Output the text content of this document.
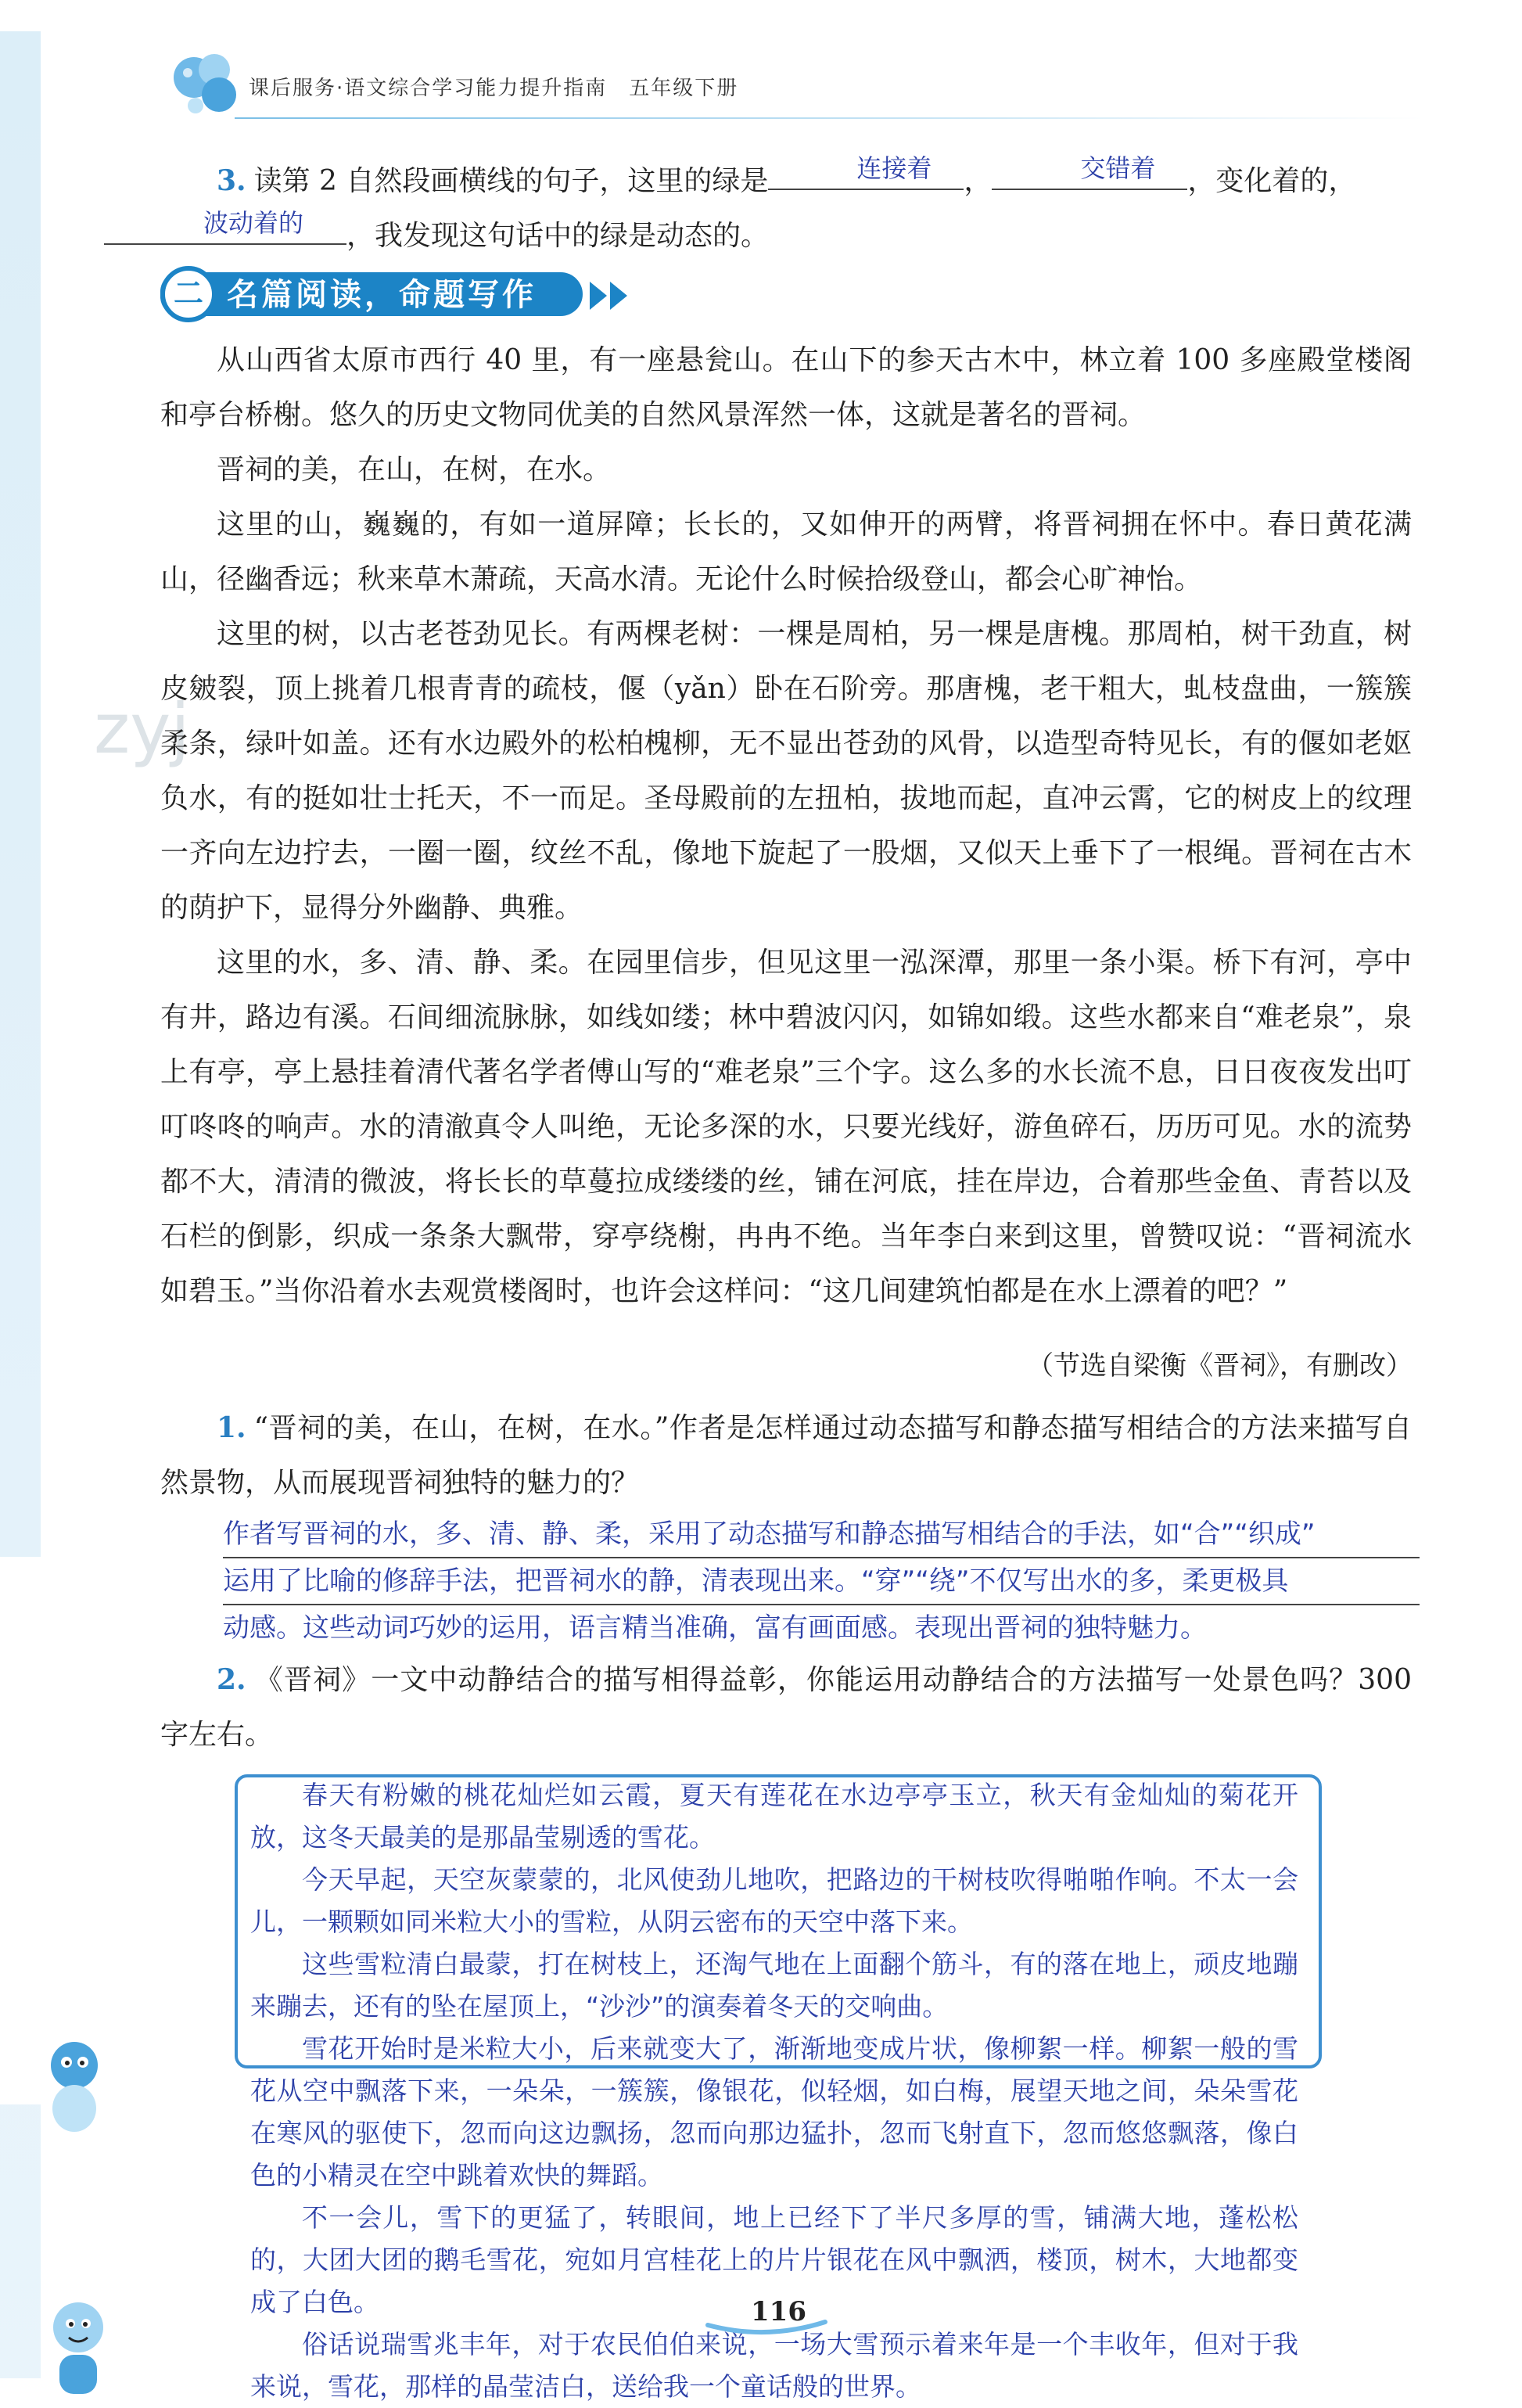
zyj
课后服务·语文综合学习能力提升指南　五年级下册

3. 读第 2 自然段画横线的句子，这里的绿是	连接着	，	交错着	，变化着的，

波动着的	，我发现这句话中的绿是动态的。

二 名篇阅读，命题写作

从山西省太原市西行 40 里，有一座悬瓮山。在山下的参天古木中，林立着 100 多座殿堂楼阁和亭台桥榭。悠久的历史文物同优美的自然风景浑然一体，这就是著名的晋祠。

晋祠的美，在山，在树，在水。

这里的山，巍巍的，有如一道屏障；长长的，又如伸开的两臂，将晋祠拥在怀中。春日黄花满山，径幽香远；秋来草木萧疏，天高水清。无论什么时候拾级登山，都会心旷神怡。

这里的树，以古老苍劲见长。有两棵老树：一棵是周柏，另一棵是唐槐。那周柏，树干劲直，树皮皴裂，顶上挑着几根青青的疏枝，偃（yǎn）卧在石阶旁。那唐槐，老干粗大，虬枝盘曲，一簇簇柔条，绿叶如盖。还有水边殿外的松柏槐柳，无不显出苍劲的风骨，以造型奇特见长，有的偃如老妪负水，有的挺如壮士托天，不一而足。圣母殿前的左扭柏，拔地而起，直冲云霄，它的树皮上的纹理一齐向左边拧去，一圈一圈，纹丝不乱，像地下旋起了一股烟，又似天上垂下了一根绳。晋祠在古木的荫护下，显得分外幽静、典雅。

这里的水，多、清、静、柔。在园里信步，但见这里一泓深潭，那里一条小渠。桥下有河，亭中有井，路边有溪。石间细流脉脉，如线如缕；林中碧波闪闪，如锦如缎。这些水都来自“难老泉”，泉上有亭，亭上悬挂着清代著名学者傅山写的“难老泉”三个字。这么多的水长流不息，日日夜夜发出叮叮咚咚的响声。水的清澈真令人叫绝，无论多深的水，只要光线好，游鱼碎石，历历可见。水的流势都不大，清清的微波，将长长的草蔓拉成缕缕的丝，铺在河底，挂在岸边，合着那些金鱼、青苔以及石栏的倒影，织成一条条大飘带，穿亭绕榭，冉冉不绝。当年李白来到这里，曾赞叹说：“晋祠流水如碧玉。”当你沿着水去观赏楼阁时，也许会这样问：“这几间建筑怕都是在水上漂着的吧？”

（节选自梁衡《晋祠》，有删改）

1. “晋祠的美，在山，在树，在水。”作者是怎样通过动态描写和静态描写相结合的方法来描写自然景物，从而展现晋祠独特的魅力的？

作者写晋祠的水，多、清、静、柔，采用了动态描写和静态描写相结合的手法，如“合”“织成”

运用了比喻的修辞手法，把晋祠水的静，清表现出来。“穿”“绕”不仅写出水的多，柔更极具

动感。这些动词巧妙的运用，语言精当准确，富有画面感。表现出晋祠的独特魅力。

2. 《晋祠》一文中动静结合的描写相得益彰，你能运用动静结合的方法描写一处景色吗？300 字左右。

春天有粉嫩的桃花灿烂如云霞，夏天有莲花在水边亭亭玉立，秋天有金灿灿的菊花开放，这冬天最美的是那晶莹剔透的雪花。

今天早起，天空灰蒙蒙的，北风使劲儿地吹，把路边的干树枝吹得啪啪作响。不太一会儿，一颗颗如同米粒大小的雪粒，从阴云密布的天空中落下来。

这些雪粒清白最蒙，打在树枝上，还淘气地在上面翻个筋斗，有的落在地上，顽皮地蹦来蹦去，还有的坠在屋顶上，“沙沙”的演奏着冬天的交响曲。

雪花开始时是米粒大小，后来就变大了，渐渐地变成片状，像柳絮一样。柳絮一般的雪花从空中飘落下来，一朵朵，一簇簇，像银花，似轻烟，如白梅，展望天地之间，朵朵雪花在寒风的驱使下，忽而向这边飘扬，忽而向那边猛扑，忽而飞射直下，忽而悠悠飘落，像白色的小精灵在空中跳着欢快的舞蹈。

不一会儿，雪下的更猛了，转眼间，地上已经下了半尺多厚的雪，铺满大地，蓬松松的，大团大团的鹅毛雪花，宛如月宫桂花上的片片银花在风中飘洒，楼顶，树木，大地都变成了白色。

俗话说瑞雪兆丰年，对于农民伯伯来说，一场大雪预示着来年是一个丰收年，但对于我来说，雪花，那样的晶莹洁白，送给我一个童话般的世界。

116
